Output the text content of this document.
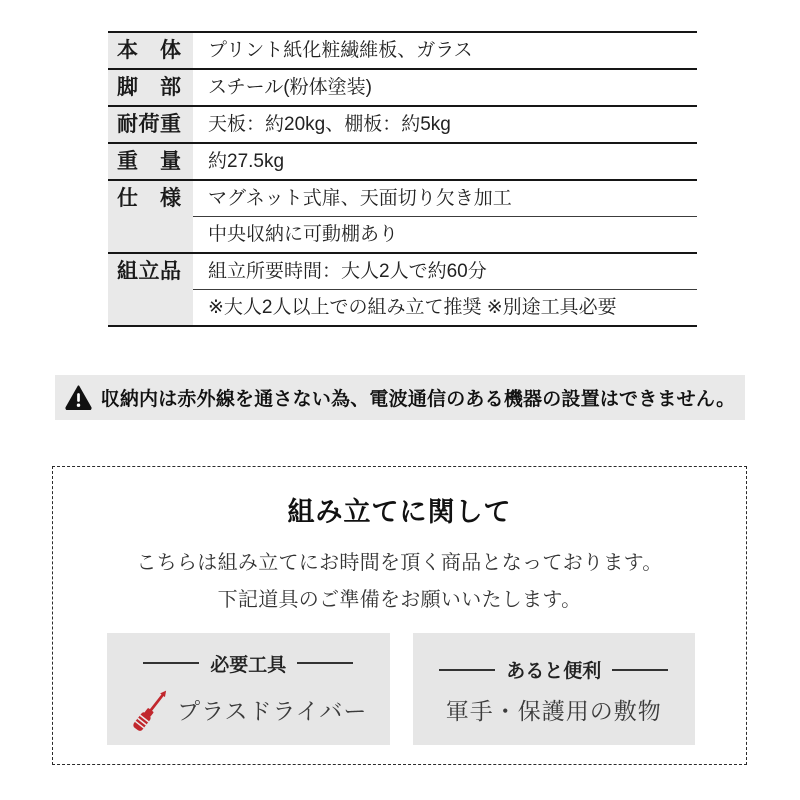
本　体	プリント紙化粧繊維板、ガラス
脚　部	スチール(粉体塗装)
耐荷重	天板：約20kg、棚板：約5kg
重　量	約27.5kg
仕　様	マグネット式扉、天面切り欠き加工
中央収納に可動棚あり
組立品	組立所要時間：大人2人で約60分
※大人2人以上での組み立て推奨 ※別途工具必要
収納内は赤外線を通さない為、電波通信のある機器の設置はできません。
組み立てに関して
こちらは組み立てにお時間を頂く商品となっております。
下記道具のご準備をお願いいたします。
必要工具
プラスドライバー
あると便利
軍手・保護用の敷物
